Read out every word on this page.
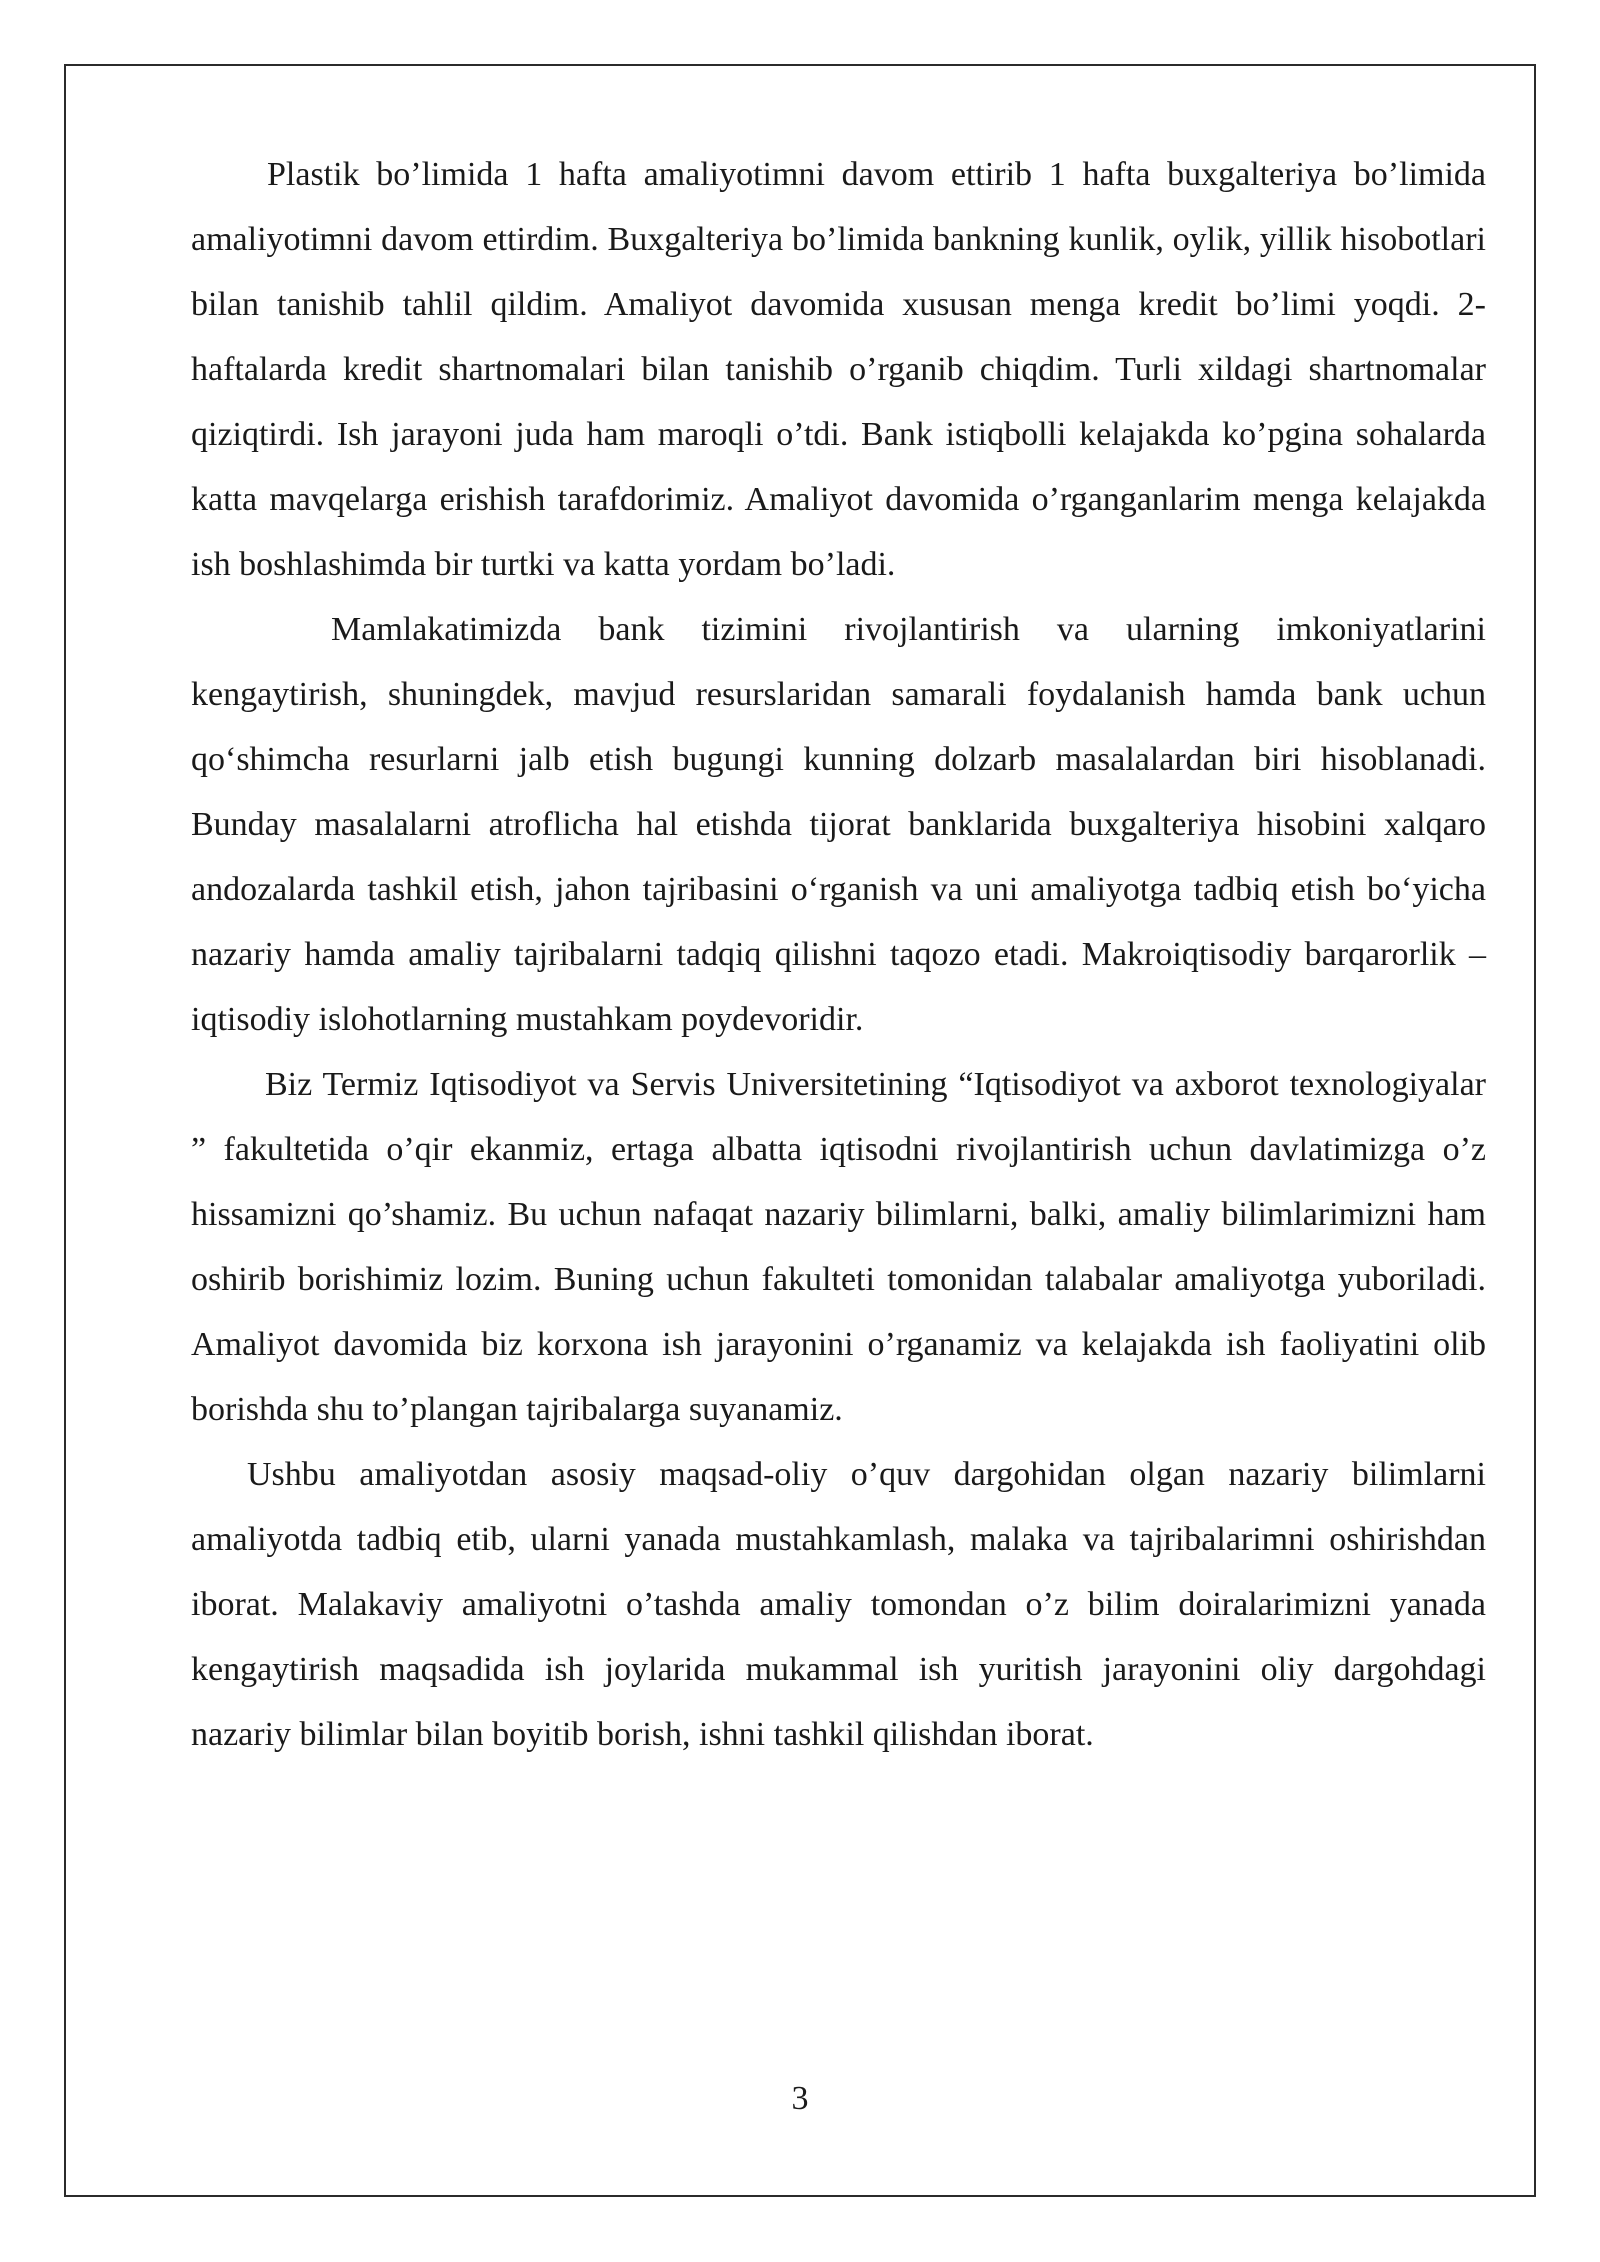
Plastik bo’limida 1 hafta amaliyotimni davom ettirib 1 hafta buxgalteriya bo’limida amaliyotimni davom ettirdim. Buxgalteriya bo’limida bankning kunlik, oylik, yillik hisobotlari bilan tanishib tahlil qildim. Amaliyot davomida xususan menga kredit bo’limi yoqdi. 2-haftalarda kredit shartnomalari bilan tanishib o’rganib chiqdim. Turli xildagi shartnomalar qiziqtirdi. Ish jarayoni juda ham maroqli o’tdi. Bank istiqbolli kelajakda ko’pgina sohalarda katta mavqelarga erishish tarafdorimiz. Amaliyot davomida o’rganganlarim menga kelajakda ish boshlashimda bir turtki va katta yordam bo’ladi.

Mamlakatimizda bank tizimini rivojlantirish va ularning imkoniyatlarini kengaytirish, shuningdek, mavjud resurslaridan samarali foydalanish hamda bank uchun qo‘shimcha resurlarni jalb etish bugungi kunning dolzarb masalalardan biri hisoblanadi. Bunday masalalarni atroflicha hal etishda tijorat banklarida buxgalteriya hisobini xalqaro andozalarda tashkil etish, jahon tajribasini o‘rganish va uni amaliyotga tadbiq etish bo‘yicha nazariy hamda amaliy tajribalarni tadqiq qilishni taqozo etadi. Makroiqtisodiy barqarorlik – iqtisodiy islohotlarning mustahkam poydevoridir.

Biz Termiz Iqtisodiyot va Servis Universitetining “Iqtisodiyot va axborot texnologiyalar ” fakultetida o’qir ekanmiz, ertaga albatta iqtisodni rivojlantirish uchun davlatimizga o’z hissamizni qo’shamiz. Bu uchun nafaqat nazariy bilimlarni, balki, amaliy bilimlarimizni ham oshirib borishimiz lozim. Buning uchun fakulteti tomonidan talabalar amaliyotga yuboriladi. Amaliyot davomida biz korxona ish jarayonini o’rganamiz va kelajakda ish faoliyatini olib borishda shu to’plangan tajribalarga suyanamiz.

Ushbu amaliyotdan asosiy maqsad-oliy o’quv dargohidan olgan nazariy bilimlarni amaliyotda tadbiq etib, ularni yanada mustahkamlash, malaka va tajribalarimni oshirishdan iborat. Malakaviy amaliyotni o’tashda amaliy tomondan o’z bilim doiralarimizni yanada kengaytirish maqsadida ish joylarida mukammal ish yuritish jarayonini oliy dargohdagi nazariy bilimlar bilan boyitib borish, ishni tashkil qilishdan iborat.

3
